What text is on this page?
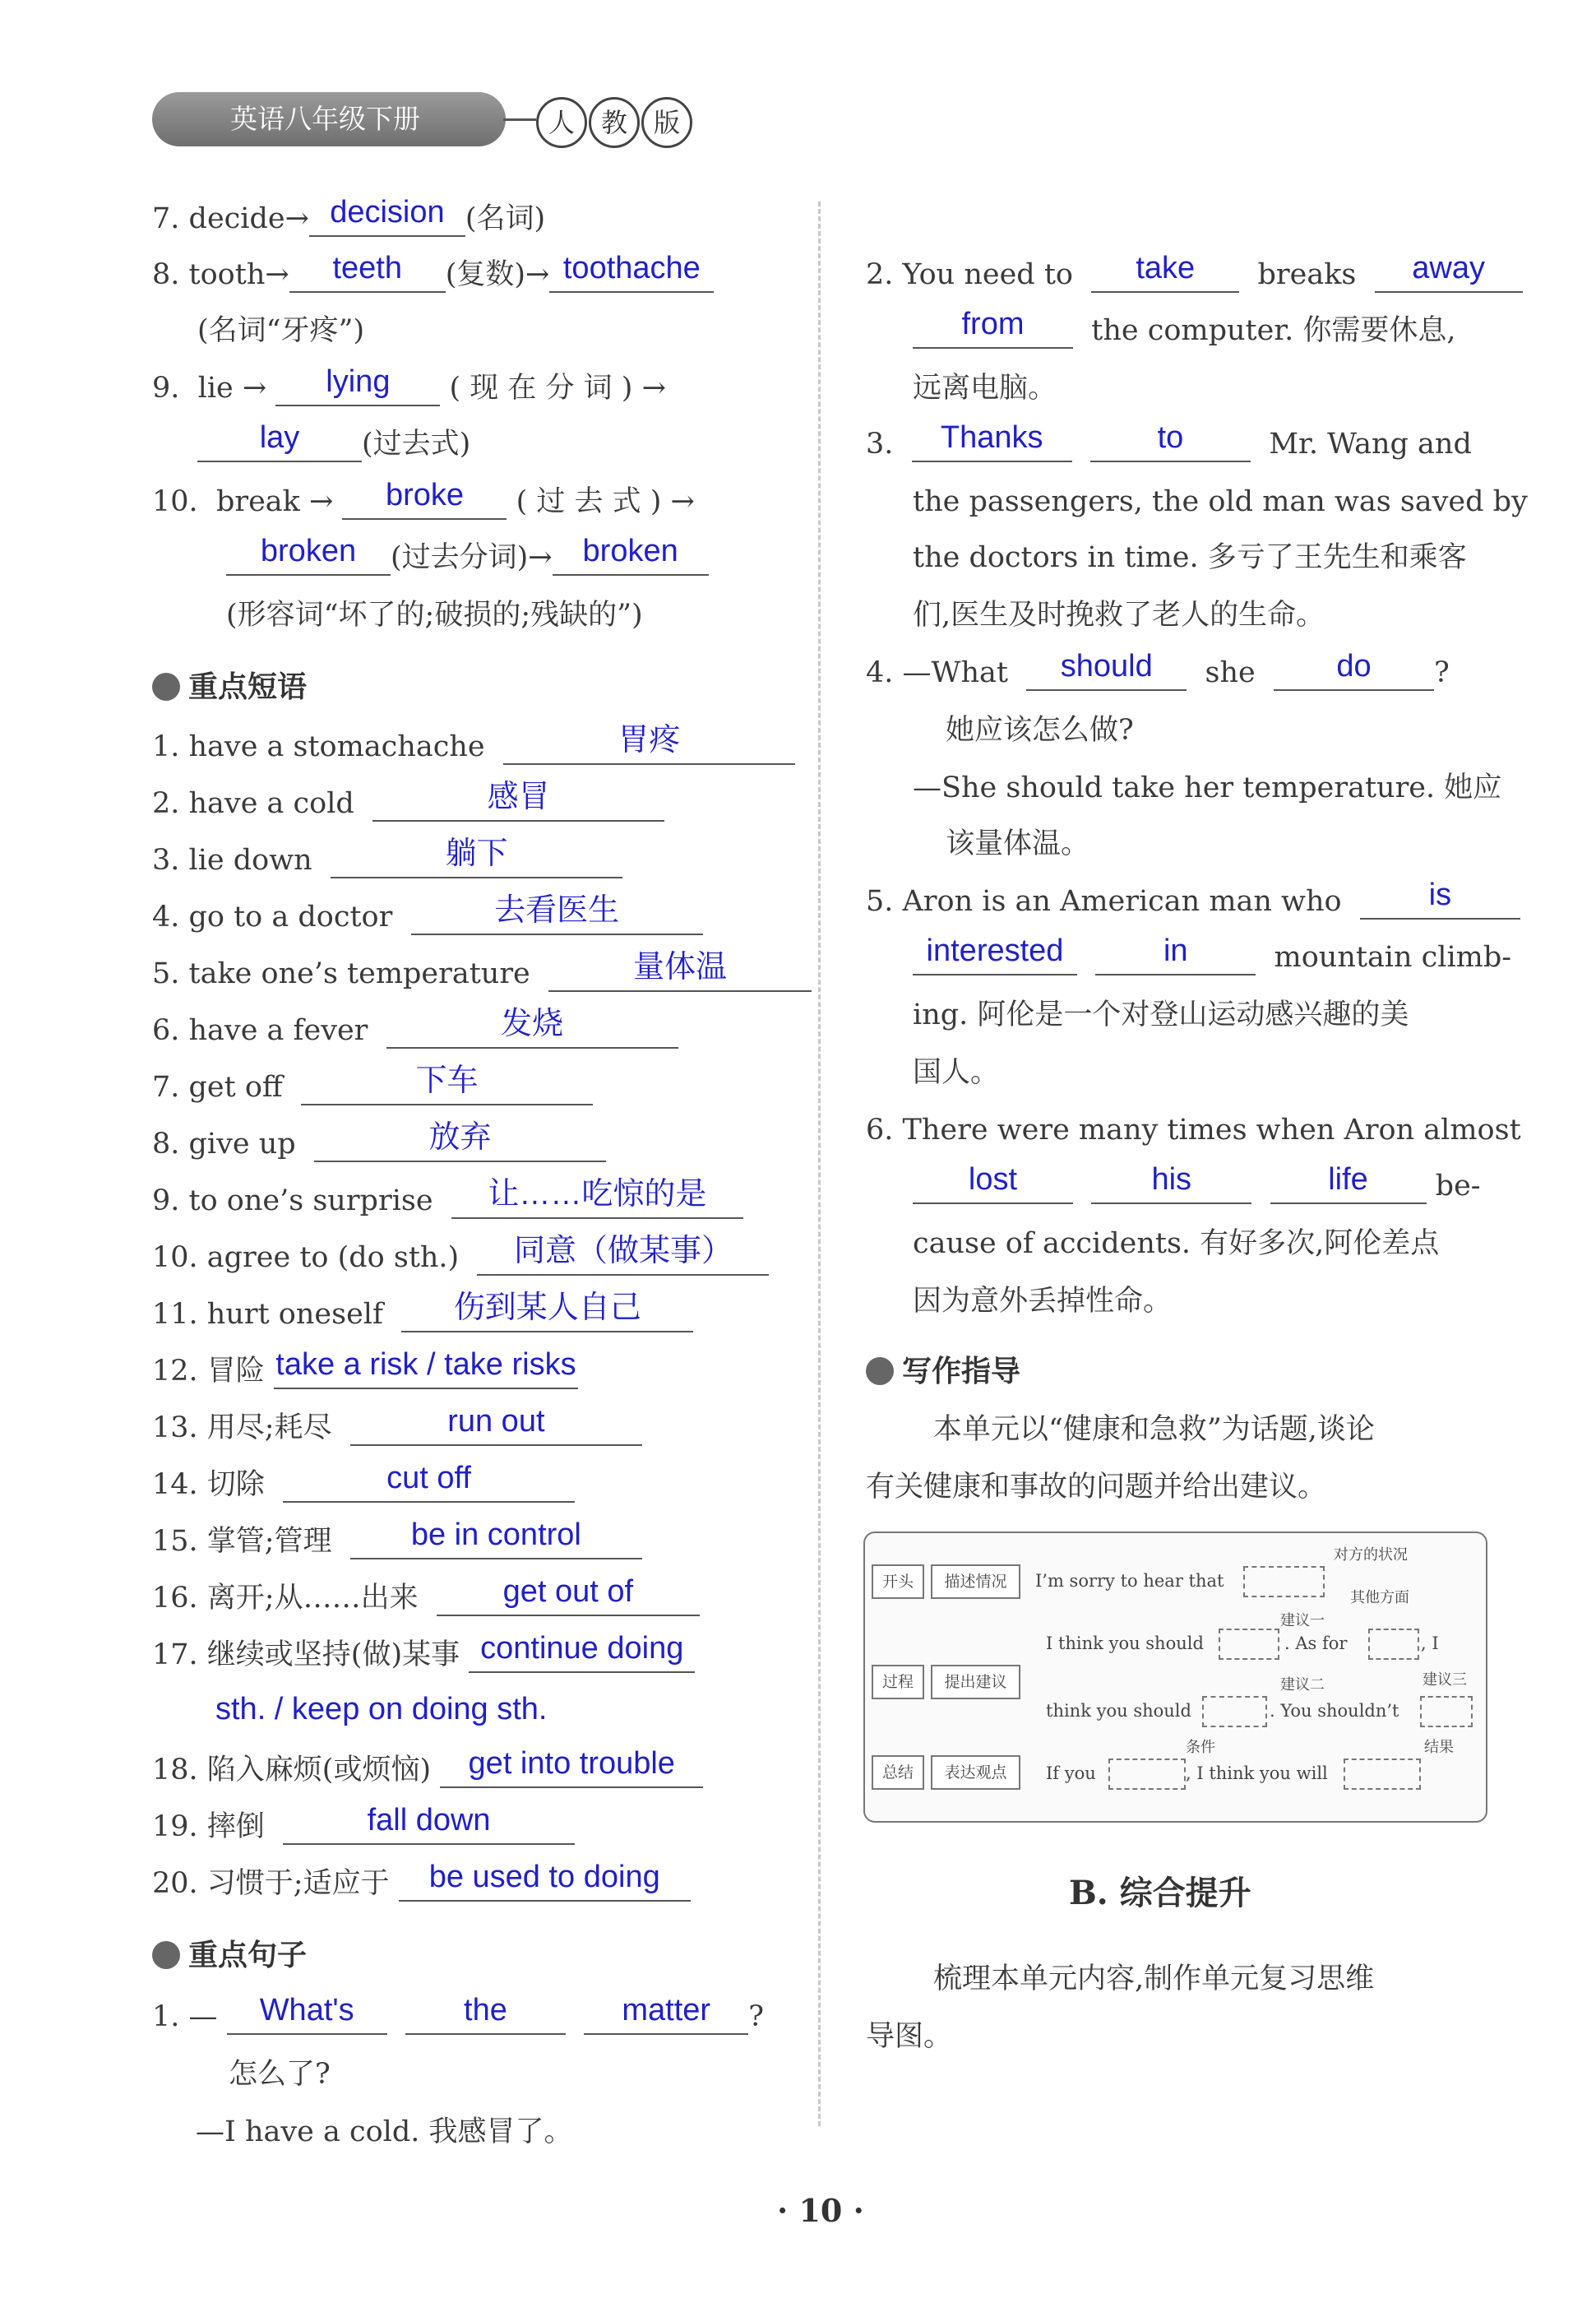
英语八年级下册	人 教 版
7. decide→ decision (名词)
8. tooth→ teeth (复数)→ toothache
(名词“牙疼”)
9. lie → lying ( 现 在 分 词 ) →
lay (过去式)
10. break → broke ( 过 去 式 ) →
broken (过去分词)→ broken
(形容词“坏了的;破损的;残缺的”)
重点短语
1. have a stomachache	胃疼
2. have a cold	感冒
3. lie down	躺下
4. go to a doctor	去看医生
5. take one’s temperature	量体温
6. have a fever	发烧
7. get off	下车
8. give up	放弃
9. to one’s surprise 让……吃惊的是
10. agree to (do sth.) 同意（做某事）
11. hurt oneself 伤到某人自己
12. 冒险 take a risk / take risks
13. 用尽;耗尽	run out
14. 切除	cut off
15. 掌管;管理	be in control
16. 离开;从……出来	get out of
17. 继续或坚持(做)某事 continue doing
sth. / keep on doing sth.
18. 陷入麻烦(或烦恼) get into trouble
19. 摔倒	fall down
20. 习惯于;适应于 be used to doing
重点句子
1. — What's	the	matter ?
怎么了?
—I have a cold. 我感冒了。
2. You need to take breaks away
from the computer. 你需要休息,
远离电脑。
3. Thanks	to	Mr. Wang and
the passengers, the old man was saved by
the doctors in time. 多亏了王先生和乘客
们,医生及时挽救了老人的生命。
4. —What should she	do ?
她应该怎么做?
—She should take her temperature. 她应
该量体温。
5. Aron is an American man who	is
interested	in	mountain climb-
ing. 阿伦是一个对登山运动感兴趣的美
国人。
6. There were many times when Aron almost
lost	his	life be-
cause of accidents. 有好多次,阿伦差点
因为意外丢掉性命。
写作指导
本单元以“健康和急救”为话题,谈论
有关健康和事故的问题并给出建议。
开头	描述情况	I’m sorry to hear that
对方的状况
过程	提出建议
I think you should
建议一
. As for
其他方面
, I
think you should
建议二
. You shouldn’t
建议三
总结	表达观点	If you
条件
, I think you will
结果
B. 综合提升
梳理本单元内容,制作单元复习思维
导图。
· 10 ·
